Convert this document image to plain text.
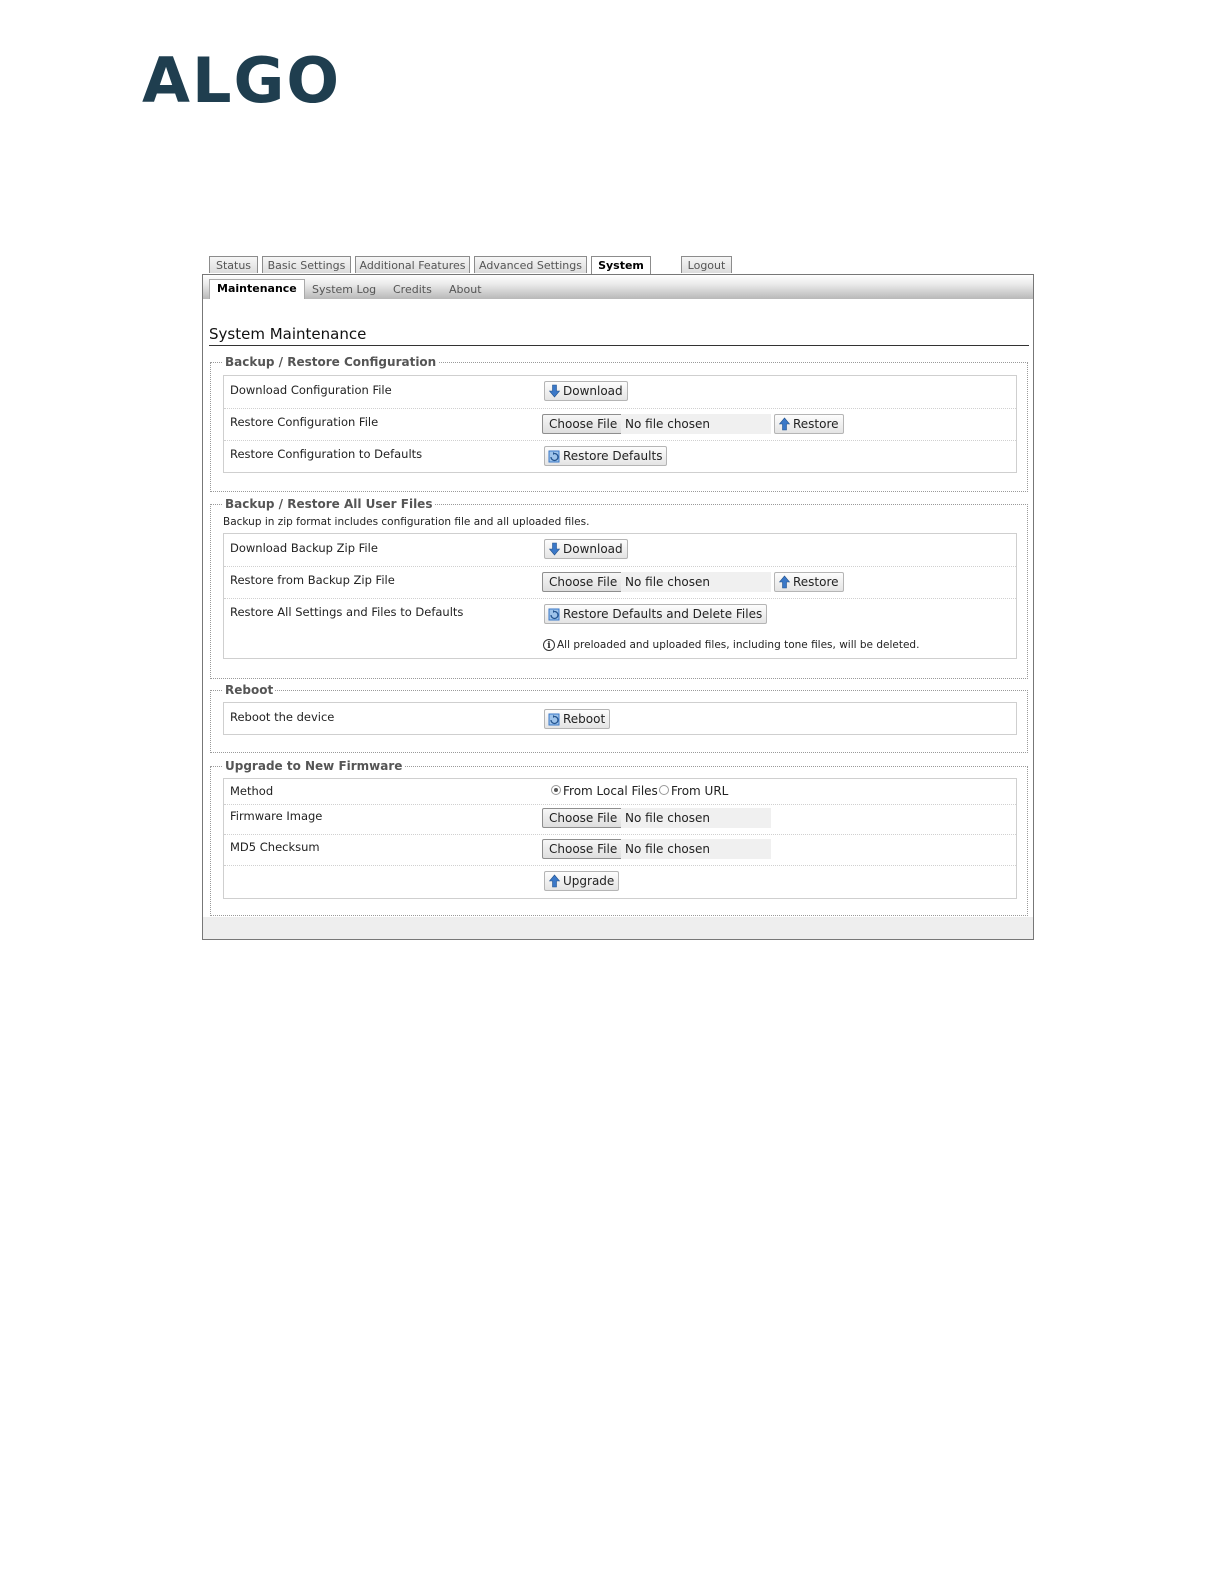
ALGO
Status	Basic Settings	Additional Features	Advanced Settings	System	Logout
Maintenance	System Log Credits About
System Maintenance
Backup / Restore Configuration
Download Configuration File	Download
Restore Configuration File	Choose File No file chosen	Restore
Restore Configuration to Defaults	Restore Defaults
Backup / Restore All User Files
Backup in zip format includes configuration file and all uploaded files.
Download Backup Zip File	Download
Restore from Backup Zip File	Choose File No file chosen	Restore
Restore All Settings and Files to Defaults	Restore Defaults and Delete Files
i All preloaded and uploaded files, including tone files, will be deleted.
Reboot
Reboot the device	Reboot
Upgrade to New Firmware
Method	From Local Files From URL
Firmware Image	Choose File No file chosen
MD5 Checksum	Choose File No file chosen
Upgrade
